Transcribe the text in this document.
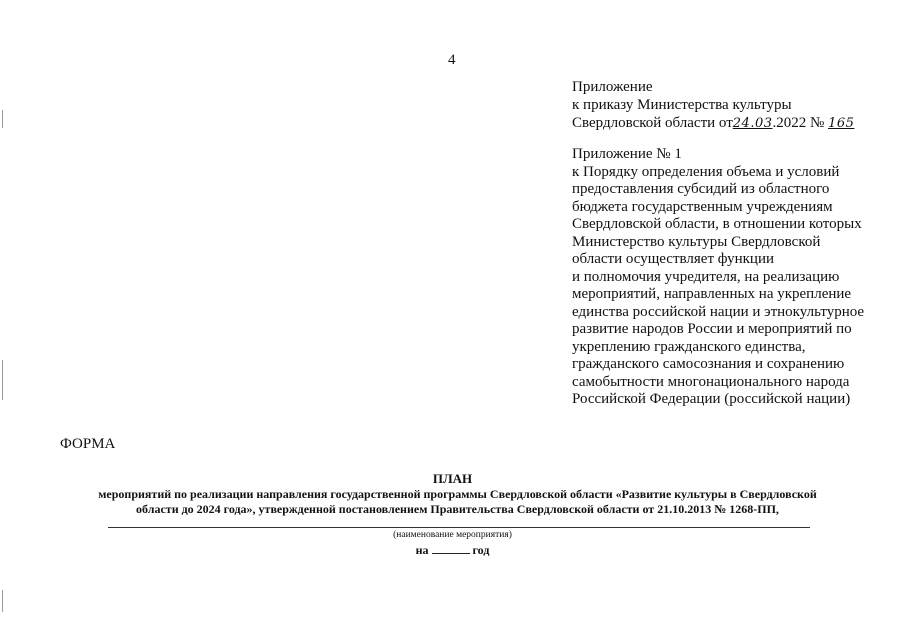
4
Приложение
к приказу Министерства культуры
Свердловской области от24.03.2022 № 165
Приложение № 1
к Порядку определения объема и условий
предоставления субсидий из областного
бюджета государственным учреждениям
Свердловской области, в отношении которых
Министерство культуры Свердловской
области осуществляет функции
и полномочия учредителя, на реализацию
мероприятий, направленных на укрепление
единства российской нации и этнокультурное
развитие народов России и мероприятий по
укреплению гражданского единства,
гражданского самосознания и сохранению
самобытности многонационального народа
Российской Федерации (российской нации)
ФОРМА
ПЛАН
мероприятий по реализации направления государственной программы Свердловской области «Развитие культуры в Свердловской
области до 2024 года», утвержденной постановлением Правительства Свердловской области от 21.10.2013 № 1268-ПП,
(наименование мероприятия)
на	год
